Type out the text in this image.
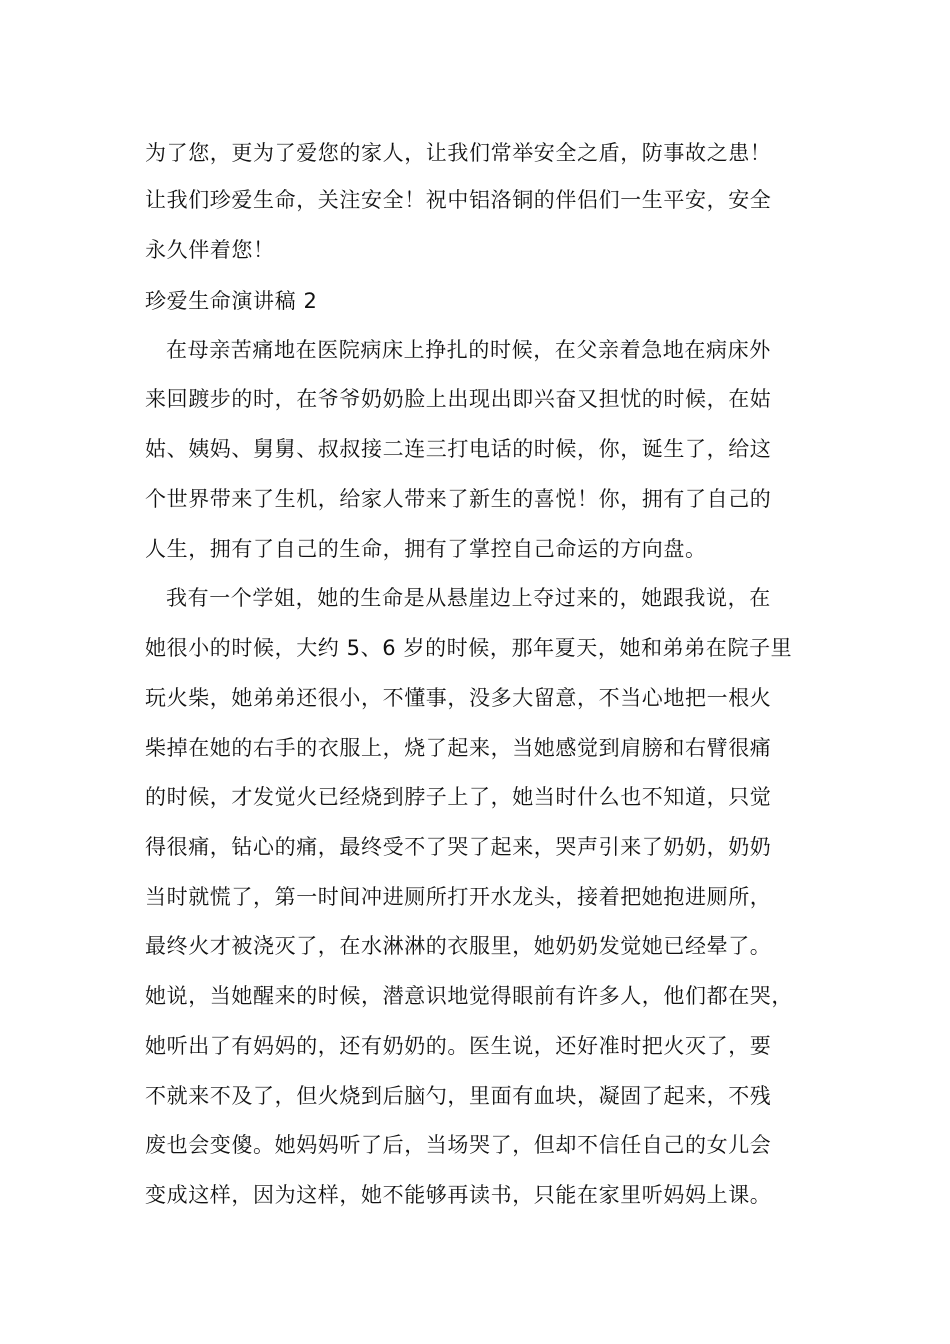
为了您，更为了爱您的家人，让我们常举安全之盾，防事故之患！
让我们珍爱生命，关注安全！祝中铝洛铜的伴侣们一生平安，安全
永久伴着您！
珍爱生命演讲稿 2
在母亲苦痛地在医院病床上挣扎的时候，在父亲着急地在病床外
来回踱步的时，在爷爷奶奶脸上出现出即兴奋又担忧的时候，在姑
姑、姨妈、舅舅、叔叔接二连三打电话的时候，你，诞生了，给这
个世界带来了生机，给家人带来了新生的喜悦！你，拥有了自己的
人生，拥有了自己的生命，拥有了掌控自己命运的方向盘。
我有一个学姐，她的生命是从悬崖边上夺过来的，她跟我说，在
她很小的时候，大约 5、6 岁的时候，那年夏天，她和弟弟在院子里
玩火柴，她弟弟还很小，不懂事，没多大留意，不当心地把一根火
柴掉在她的右手的衣服上，烧了起来，当她感觉到肩膀和右臂很痛
的时候，才发觉火已经烧到脖子上了，她当时什么也不知道，只觉
得很痛，钻心的痛，最终受不了哭了起来，哭声引来了奶奶，奶奶
当时就慌了，第一时间冲进厕所打开水龙头，接着把她抱进厕所，
最终火才被浇灭了，在水淋淋的衣服里，她奶奶发觉她已经晕了。
她说，当她醒来的时候，潜意识地觉得眼前有许多人，他们都在哭，
她听出了有妈妈的，还有奶奶的。医生说，还好准时把火灭了，要
不就来不及了，但火烧到后脑勺，里面有血块，凝固了起来，不残
废也会变傻。她妈妈听了后，当场哭了，但却不信任自己的女儿会
变成这样，因为这样，她不能够再读书，只能在家里听妈妈上课。
